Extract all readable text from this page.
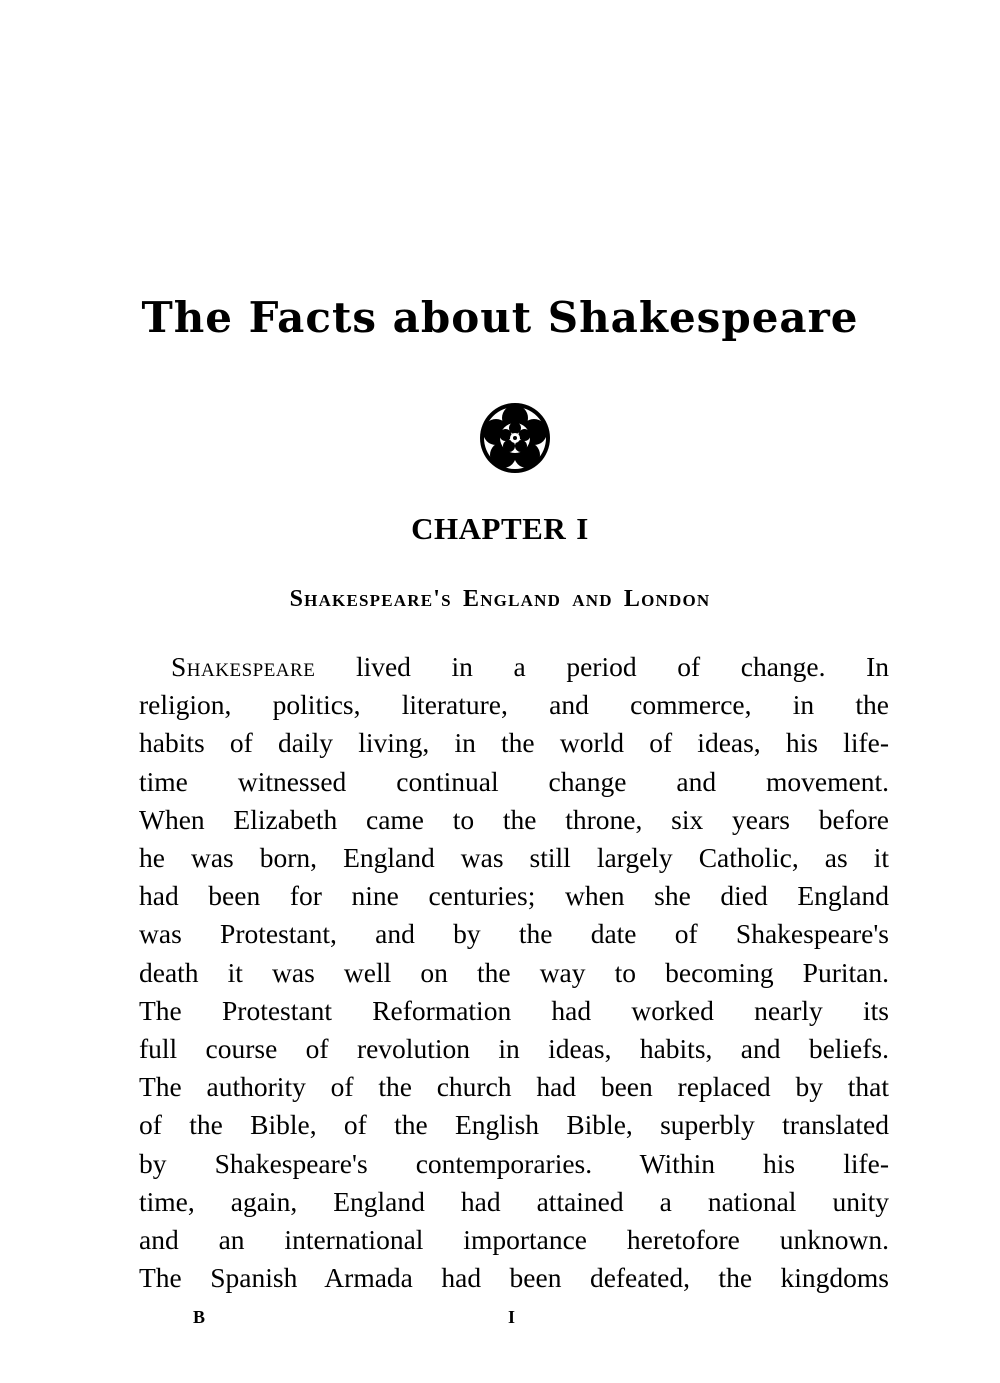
The Facts about Shakespeare
CHAPTER I
Shakespeare's England and London
Shakespeare lived in a period of change. In
religion, politics, literature, and commerce, in the
habits of daily living, in the world of ideas, his life-
time witnessed continual change and movement.
When Elizabeth came to the throne, six years before
he was born, England was still largely Catholic, as it
had been for nine centuries; when she died England
was Protestant, and by the date of Shakespeare's
death it was well on the way to becoming Puritan.
The Protestant Reformation had worked nearly its
full course of revolution in ideas, habits, and beliefs.
The authority of the church had been replaced by that
of the Bible, of the English Bible, superbly translated
by Shakespeare's contemporaries. Within his life-
time, again, England had attained a national unity
and an international importance heretofore unknown.
The Spanish Armada had been defeated, the kingdoms
B	I
